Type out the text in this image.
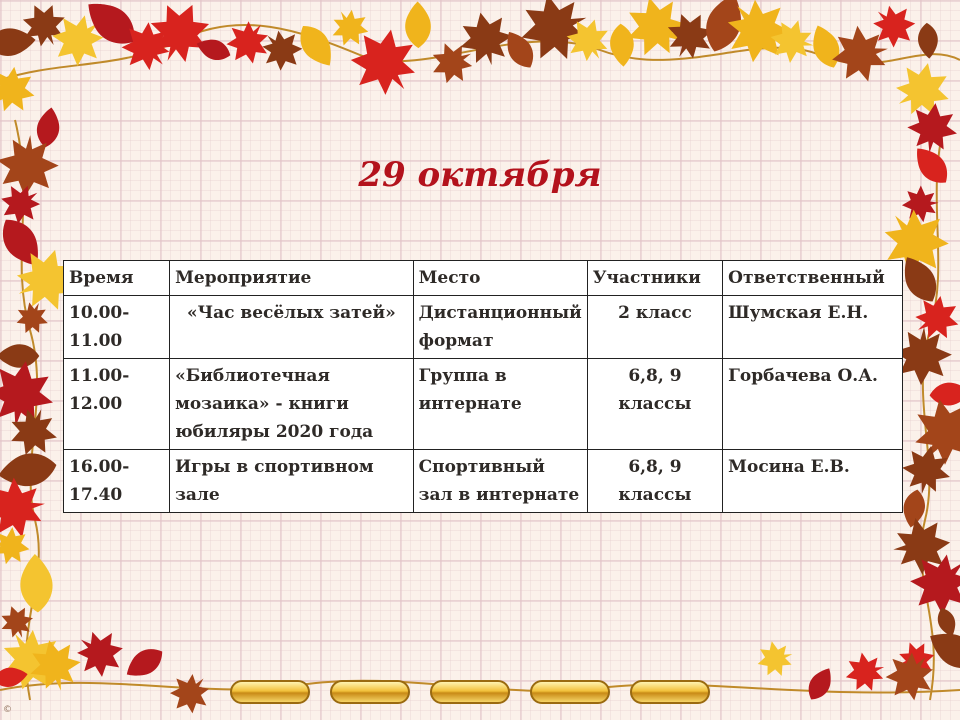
29 октября
Время	Мероприятие	Место	Участники	Ответственный
10.00-11.00	«Час весёлых затей»	Дистанционный формат	2 класс	Шумская Е.Н.
11.00-12.00	«Библиотечная мозаика» - книги юбиляры 2020 года	Группа в интернате	6,8, 9 классы	Горбачева О.А.
16.00-17.40	Игры в спортивном зале	Спортивный зал в интернате	6,8, 9 классы	Мосина Е.В.
©
